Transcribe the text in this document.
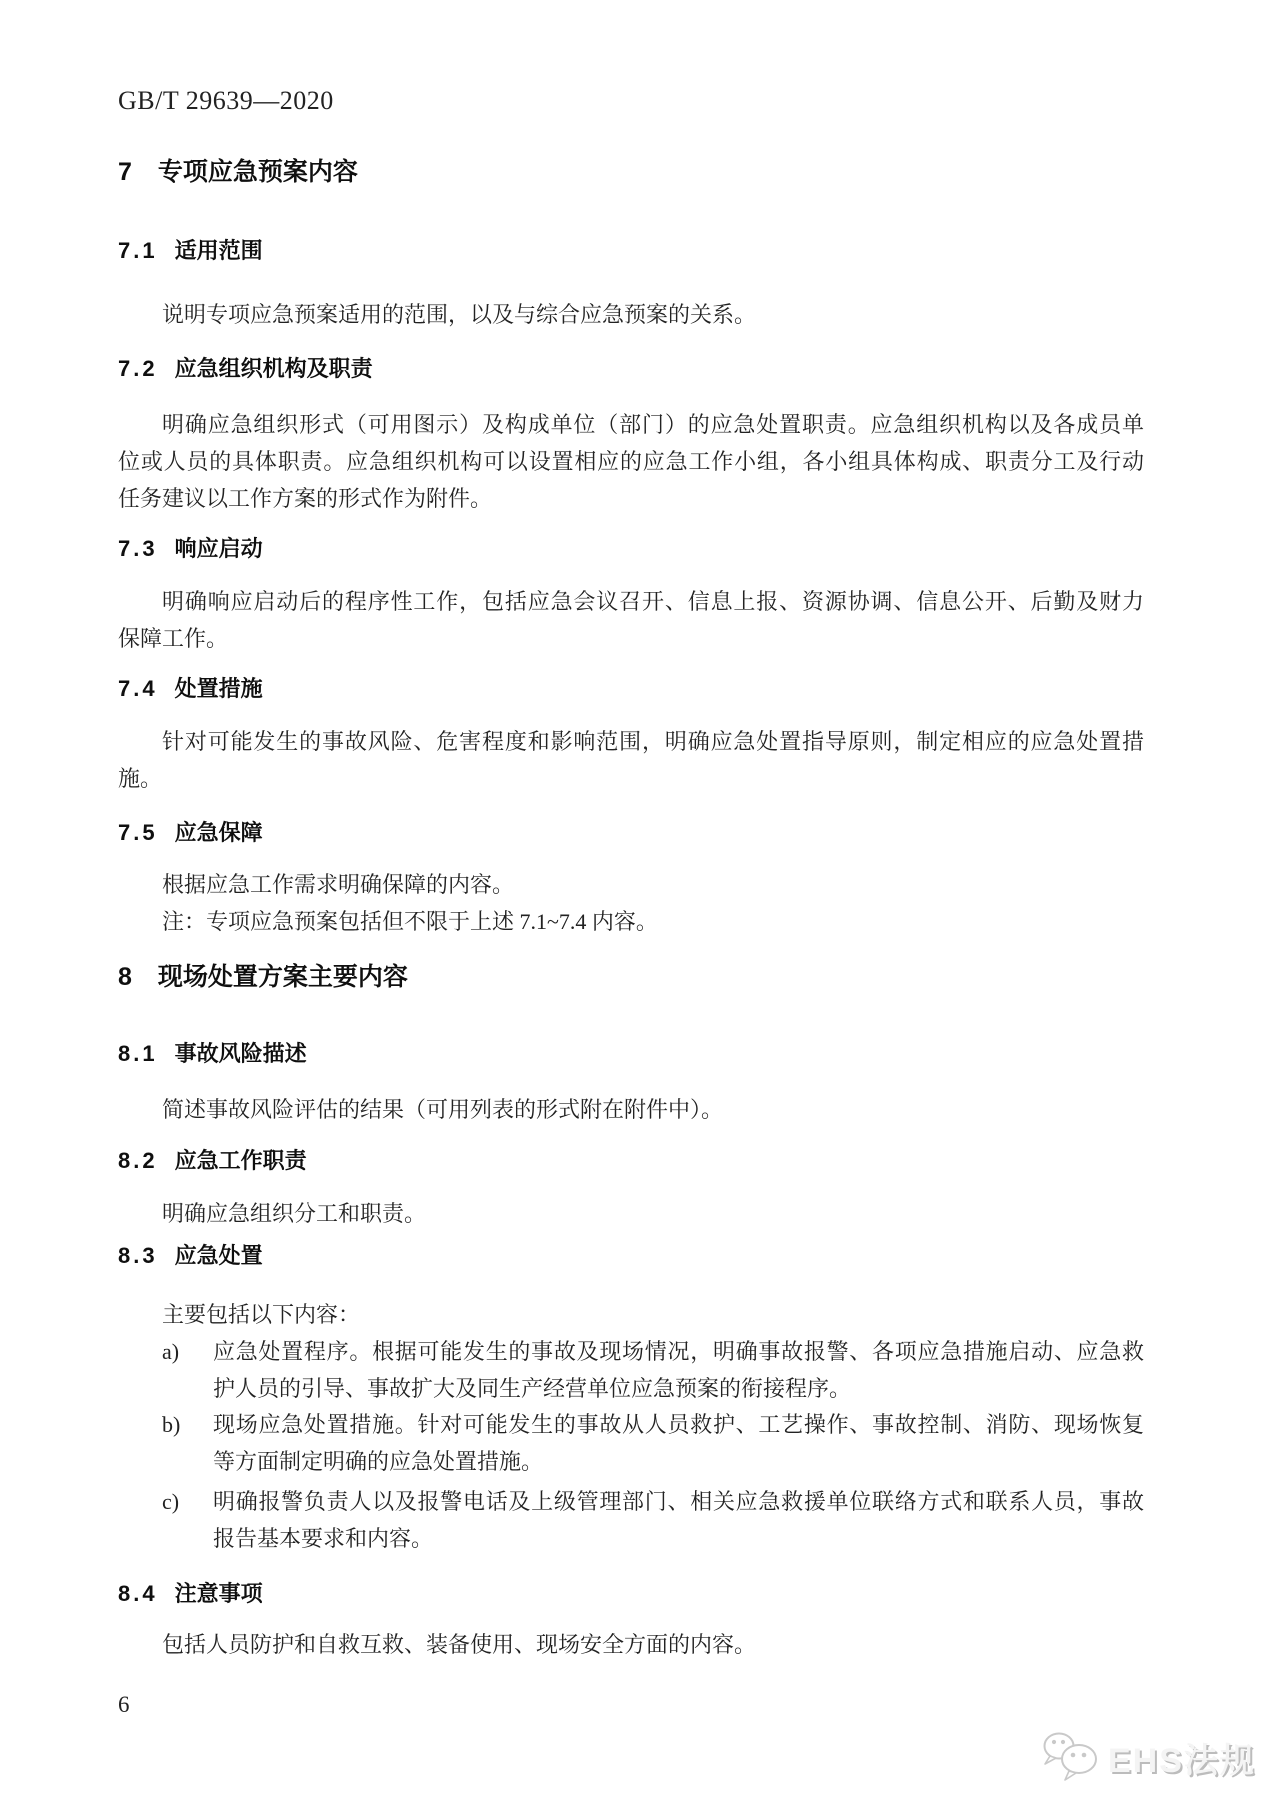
GB/T 29639—2020
7 专项应急预案内容
7.1 适用范围
说明专项应急预案适用的范围，以及与综合应急预案的关系。
7.2 应急组织机构及职责
明确应急组织形式（可用图示）及构成单位（部门）的应急处置职责。应急组织机构以及各成员单
位或人员的具体职责。应急组织机构可以设置相应的应急工作小组，各小组具体构成、职责分工及行动
任务建议以工作方案的形式作为附件。
7.3 响应启动
明确响应启动后的程序性工作，包括应急会议召开、信息上报、资源协调、信息公开、后勤及财力
保障工作。
7.4 处置措施
针对可能发生的事故风险、危害程度和影响范围，明确应急处置指导原则，制定相应的应急处置措
施。
7.5 应急保障
根据应急工作需求明确保障的内容。
注：专项应急预案包括但不限于上述 7.1~7.4 内容。
8 现场处置方案主要内容
8.1 事故风险描述
简述事故风险评估的结果（可用列表的形式附在附件中）。
8.2 应急工作职责
明确应急组织分工和职责。
8.3 应急处置
主要包括以下内容：
a) 应急处置程序。根据可能发生的事故及现场情况，明确事故报警、各项应急措施启动、应急救
护人员的引导、事故扩大及同生产经营单位应急预案的衔接程序。
b) 现场应急处置措施。针对可能发生的事故从人员救护、工艺操作、事故控制、消防、现场恢复
等方面制定明确的应急处置措施。
c) 明确报警负责人以及报警电话及上级管理部门、相关应急救援单位联络方式和联系人员，事故
报告基本要求和内容。
8.4 注意事项
包括人员防护和自救互救、装备使用、现场安全方面的内容。
6
EHS法规
